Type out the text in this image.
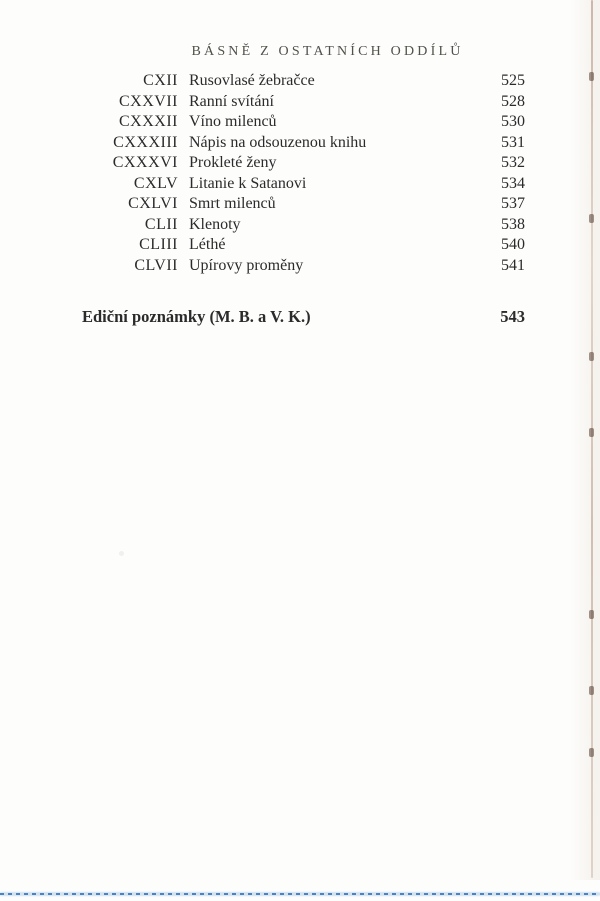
BÁSNĚ Z OSTATNÍCH ODDÍLŮ
CXII Rusovlasé žebračce	525
CXXVII Ranní svítání	528
CXXXII Víno milenců	530
CXXXIII Nápis na odsouzenou knihu	531
CXXXVI Prokleté ženy	532
CXLV Litanie k Satanovi	534
CXLVI Smrt milenců	537
CLII Klenoty	538
CLIII Léthé	540
CLVII Upírovy proměny	541
Ediční poznámky (M. B. a V. K.)	543
